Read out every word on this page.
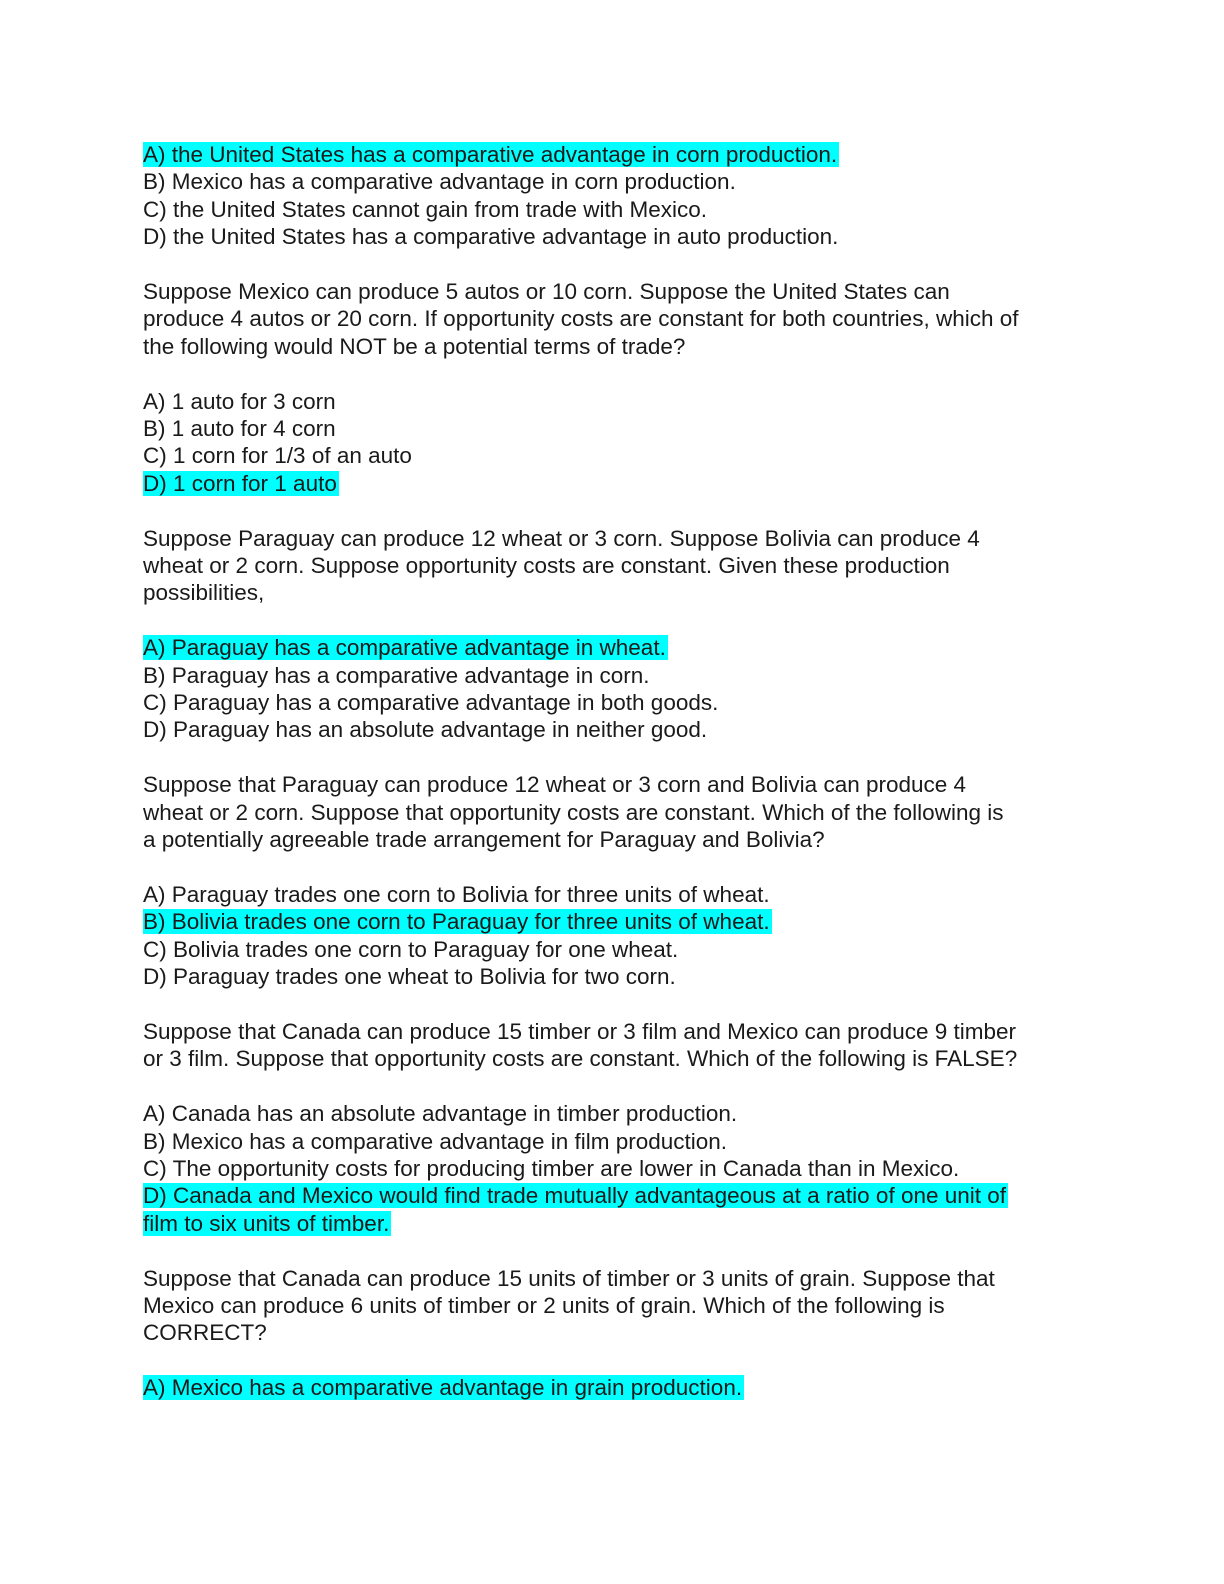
A) the United States has a comparative advantage in corn production.
B) Mexico has a comparative advantage in corn production.
C) the United States cannot gain from trade with Mexico.
D) the United States has a comparative advantage in auto production.
Suppose Mexico can produce 5 autos or 10 corn. Suppose the United States can
produce 4 autos or 20 corn. If opportunity costs are constant for both countries, which of
the following would NOT be a potential terms of trade?
A) 1 auto for 3 corn
B) 1 auto for 4 corn
C) 1 corn for 1/3 of an auto
D) 1 corn for 1 auto
Suppose Paraguay can produce 12 wheat or 3 corn. Suppose Bolivia can produce 4
wheat or 2 corn. Suppose opportunity costs are constant. Given these production
possibilities,
A) Paraguay has a comparative advantage in wheat.
B) Paraguay has a comparative advantage in corn.
C) Paraguay has a comparative advantage in both goods.
D) Paraguay has an absolute advantage in neither good.
Suppose that Paraguay can produce 12 wheat or 3 corn and Bolivia can produce 4
wheat or 2 corn. Suppose that opportunity costs are constant. Which of the following is
a potentially agreeable trade arrangement for Paraguay and Bolivia?
A) Paraguay trades one corn to Bolivia for three units of wheat.
B) Bolivia trades one corn to Paraguay for three units of wheat.
C) Bolivia trades one corn to Paraguay for one wheat.
D) Paraguay trades one wheat to Bolivia for two corn.
Suppose that Canada can produce 15 timber or 3 film and Mexico can produce 9 timber
or 3 film. Suppose that opportunity costs are constant. Which of the following is FALSE?
A) Canada has an absolute advantage in timber production.
B) Mexico has a comparative advantage in film production.
C) The opportunity costs for producing timber are lower in Canada than in Mexico.
D) Canada and Mexico would find trade mutually advantageous at a ratio of one unit of
film to six units of timber.
Suppose that Canada can produce 15 units of timber or 3 units of grain. Suppose that
Mexico can produce 6 units of timber or 2 units of grain. Which of the following is
CORRECT?
A) Mexico has a comparative advantage in grain production.
